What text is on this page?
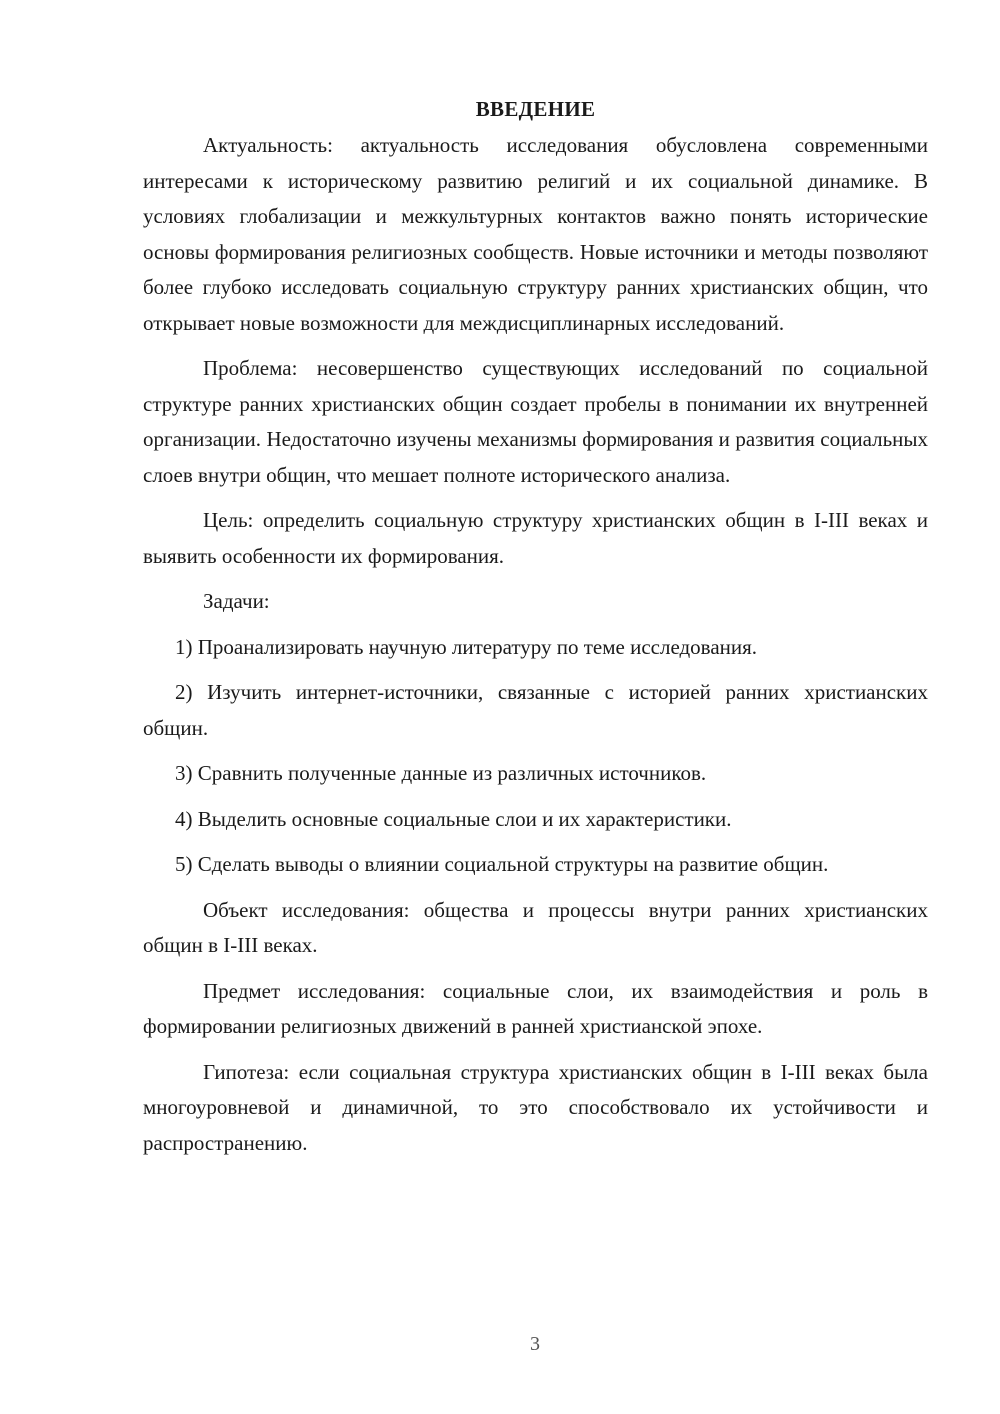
ВВЕДЕНИЕ

Актуальность: актуальность исследования обусловлена современными интересами к историческому развитию религий и их социальной динамике. В условиях глобализации и межкультурных контактов важно понять исторические основы формирования религиозных сообществ. Новые источники и методы позволяют более глубоко исследовать социальную структуру ранних христианских общин, что открывает новые возможности для междисциплинарных исследований.

Проблема: несовершенство существующих исследований по социальной структуре ранних христианских общин создает пробелы в понимании их внутренней организации. Недостаточно изучены механизмы формирования и развития социальных слоев внутри общин, что мешает полноте исторического анализа.

Цель: определить социальную структуру христианских общин в I-III веках и выявить особенности их формирования.

Задачи:

1) Проанализировать научную литературу по теме исследования.

2) Изучить интернет-источники, связанные с историей ранних христианских общин.

3) Сравнить полученные данные из различных источников.

4) Выделить основные социальные слои и их характеристики.

5) Сделать выводы о влиянии социальной структуры на развитие общин.

Объект исследования: общества и процессы внутри ранних христианских общин в I-III веках.

Предмет исследования: социальные слои, их взаимодействия и роль в формировании религиозных движений в ранней христианской эпохе.

Гипотеза: если социальная структура христианских общин в I-III веках была многоуровневой и динамичной, то это способствовало их устойчивости и распространению.

3
